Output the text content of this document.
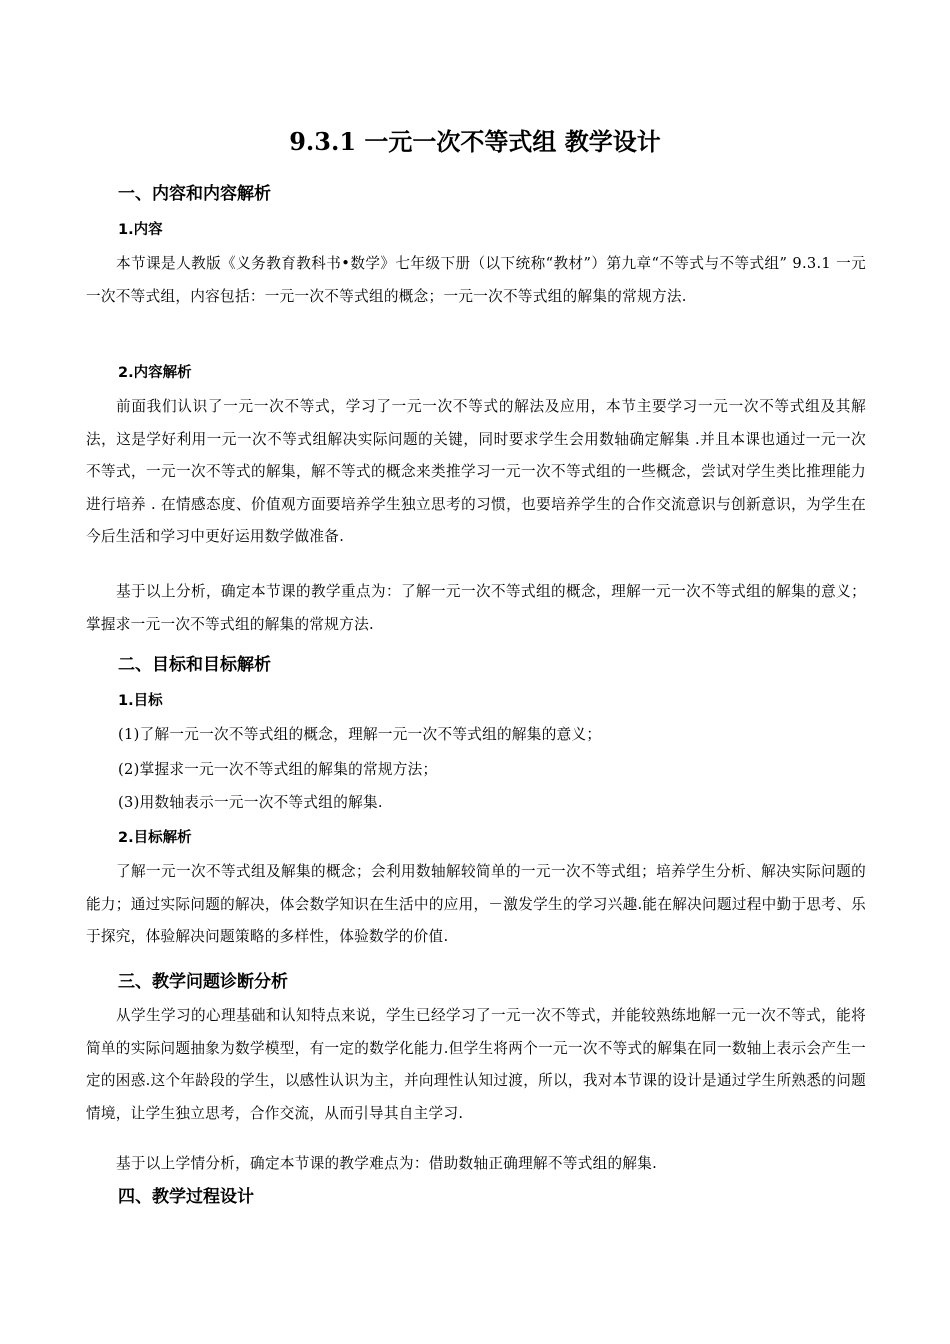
9.3.1 一元一次不等式组 教学设计
一、内容和内容解析
1.内容
本节课是人教版《义务教育教科书•数学》七年级下册（以下统称“教材”）第九章“不等式与不等式组” 9.3.1 一元一次不等式组，内容包括：一元一次不等式组的概念；一元一次不等式组的解集的常规方法.
2.内容解析
前面我们认识了一元一次不等式，学习了一元一次不等式的解法及应用，本节主要学习一元一次不等式组及其解法，这是学好利用一元一次不等式组解决实际问题的关键，同时要求学生会用数轴确定解集 .并且本课也通过一元一次不等式，一元一次不等式的解集，解不等式的概念来类推学习一元一次不等式组的一些概念，尝试对学生类比推理能力进行培养 . 在情感态度、价值观方面要培养学生独立思考的习惯，也要培养学生的合作交流意识与创新意识，为学生在今后生活和学习中更好运用数学做准备.
基于以上分析，确定本节课的教学重点为：了解一元一次不等式组的概念，理解一元一次不等式组的解集的意义； 掌握求一元一次不等式组的解集的常规方法.
二、目标和目标解析
1.目标
(1)了解一元一次不等式组的概念，理解一元一次不等式组的解集的意义；
(2)掌握求一元一次不等式组的解集的常规方法；
(3)用数轴表示一元一次不等式组的解集.
2.目标解析
了解一元一次不等式组及解集的概念；会利用数轴解较简单的一元一次不等式组；培养学生分析、解决实际问题的能力；通过实际问题的解决，体会数学知识在生活中的应用，－激发学生的学习兴趣.能在解决问题过程中勤于思考、乐于探究，体验解决问题策略的多样性，体验数学的价值.
三、教学问题诊断分析
从学生学习的心理基础和认知特点来说，学生已经学习了一元一次不等式，并能较熟练地解一元一次不等式，能将简单的实际问题抽象为数学模型，有一定的数学化能力.但学生将两个一元一次不等式的解集在同一数轴上表示会产生一定的困惑.这个年龄段的学生，以感性认识为主，并向理性认知过渡，所以，我对本节课的设计是通过学生所熟悉的问题情境，让学生独立思考，合作交流，从而引导其自主学习.
基于以上学情分析，确定本节课的教学难点为：借助数轴正确理解不等式组的解集.
四、教学过程设计
